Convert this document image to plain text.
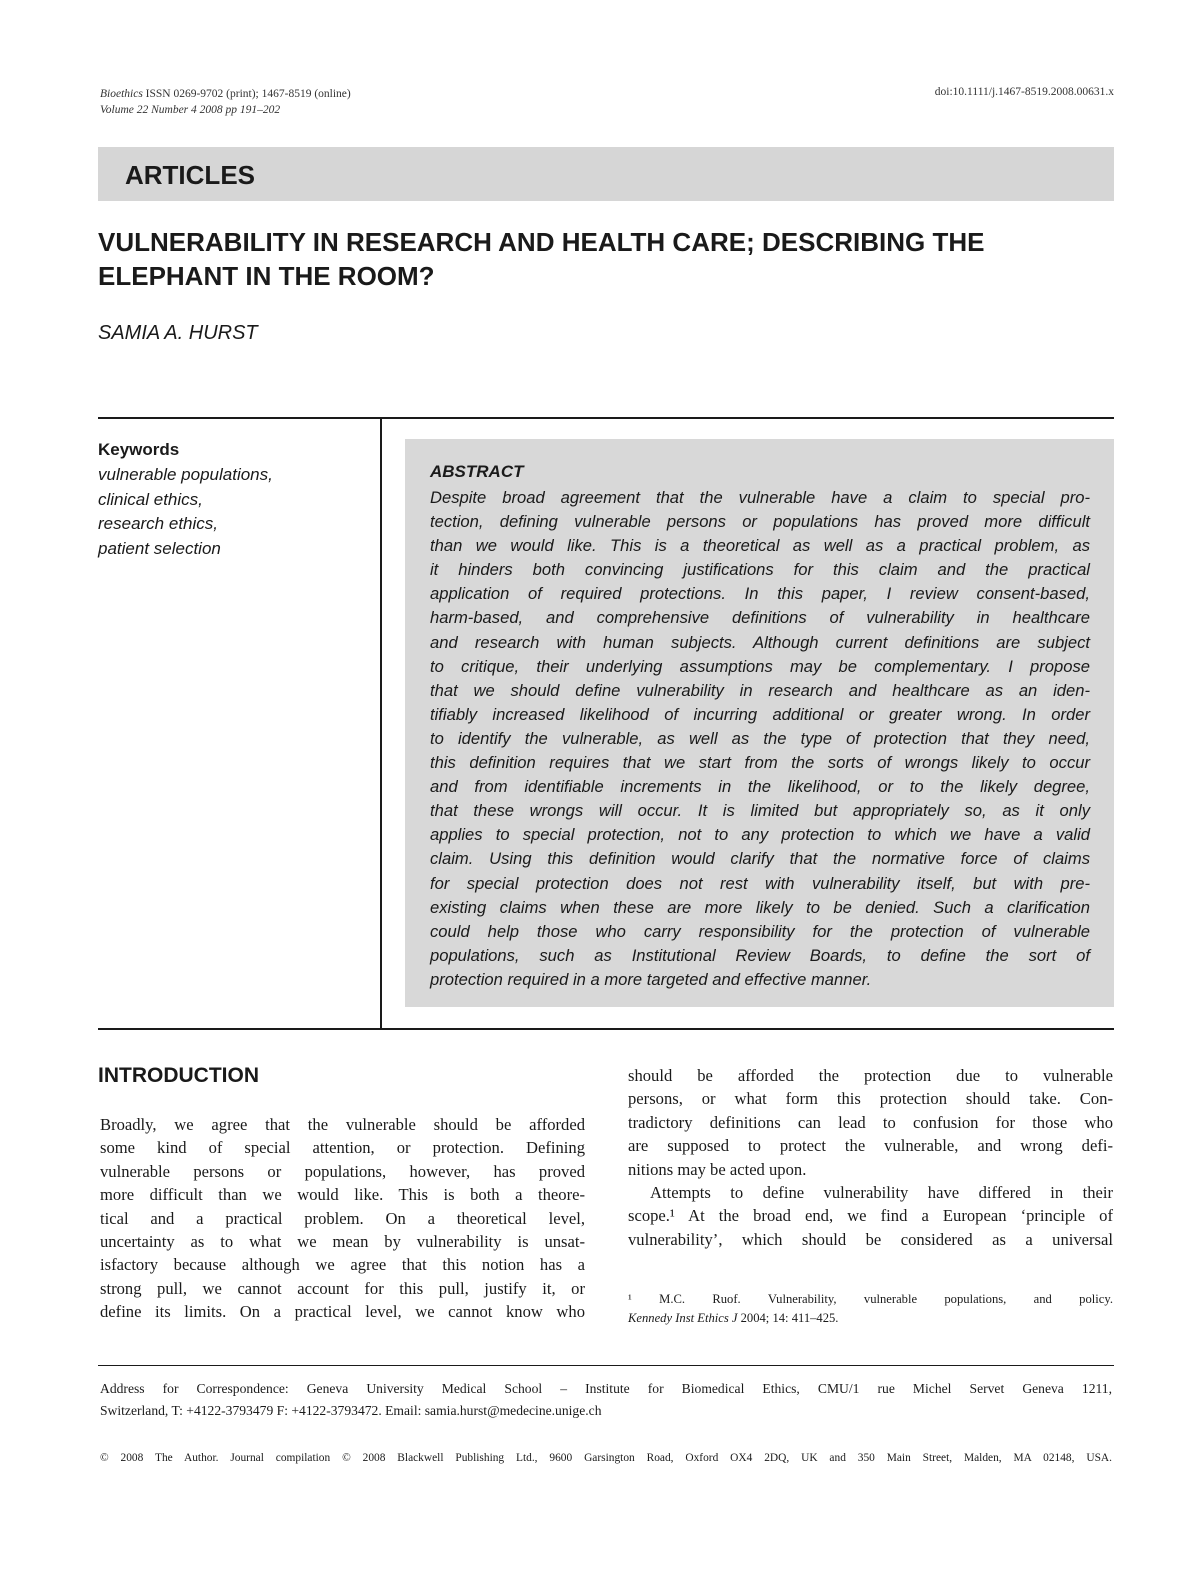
Bioethics ISSN 0269-9702 (print); 1467-8519 (online)
Volume 22 Number 4 2008 pp 191–202
doi:10.1111/j.1467-8519.2008.00631.x
ARTICLES
VULNERABILITY IN RESEARCH AND HEALTH CARE; DESCRIBING THE
ELEPHANT IN THE ROOM?
SAMIA A. HURST
Keywords
vulnerable populations,
clinical ethics,
research ethics,
patient selection
ABSTRACT
Despite broad agreement that the vulnerable have a claim to special pro-
tection, defining vulnerable persons or populations has proved more difficult
than we would like. This is a theoretical as well as a practical problem, as
it hinders both convincing justifications for this claim and the practical
application of required protections. In this paper, I review consent-based,
harm-based, and comprehensive definitions of vulnerability in healthcare
and research with human subjects. Although current definitions are subject
to critique, their underlying assumptions may be complementary. I propose
that we should define vulnerability in research and healthcare as an iden-
tifiably increased likelihood of incurring additional or greater wrong. In order
to identify the vulnerable, as well as the type of protection that they need,
this definition requires that we start from the sorts of wrongs likely to occur
and from identifiable increments in the likelihood, or to the likely degree,
that these wrongs will occur. It is limited but appropriately so, as it only
applies to special protection, not to any protection to which we have a valid
claim. Using this definition would clarify that the normative force of claims
for special protection does not rest with vulnerability itself, but with pre-
existing claims when these are more likely to be denied. Such a clarification
could help those who carry responsibility for the protection of vulnerable
populations, such as Institutional Review Boards, to define the sort of
protection required in a more targeted and effective manner.
INTRODUCTION
Broadly, we agree that the vulnerable should be afforded
some kind of special attention, or protection. Defining
vulnerable persons or populations, however, has proved
more difficult than we would like. This is both a theore-
tical and a practical problem. On a theoretical level,
uncertainty as to what we mean by vulnerability is unsat-
isfactory because although we agree that this notion has a
strong pull, we cannot account for this pull, justify it, or
define its limits. On a practical level, we cannot know who
should be afforded the protection due to vulnerable
persons, or what form this protection should take. Con-
tradictory definitions can lead to confusion for those who
are supposed to protect the vulnerable, and wrong defi-
nitions may be acted upon.
Attempts to define vulnerability have differed in their
scope.¹ At the broad end, we find a European ‘principle of
vulnerability’, which should be considered as a universal
¹ M.C. Ruof. Vulnerability, vulnerable populations, and policy.
Kennedy Inst Ethics J 2004; 14: 411–425.
Address for Correspondence: Geneva University Medical School – Institute for Biomedical Ethics, CMU/1 rue Michel Servet Geneva 1211,
Switzerland, T: +4122-3793479 F: +4122-3793472. Email: samia.hurst@medecine.unige.ch
© 2008 The Author. Journal compilation © 2008 Blackwell Publishing Ltd., 9600 Garsington Road, Oxford OX4 2DQ, UK and 350 Main Street, Malden, MA 02148, USA.
